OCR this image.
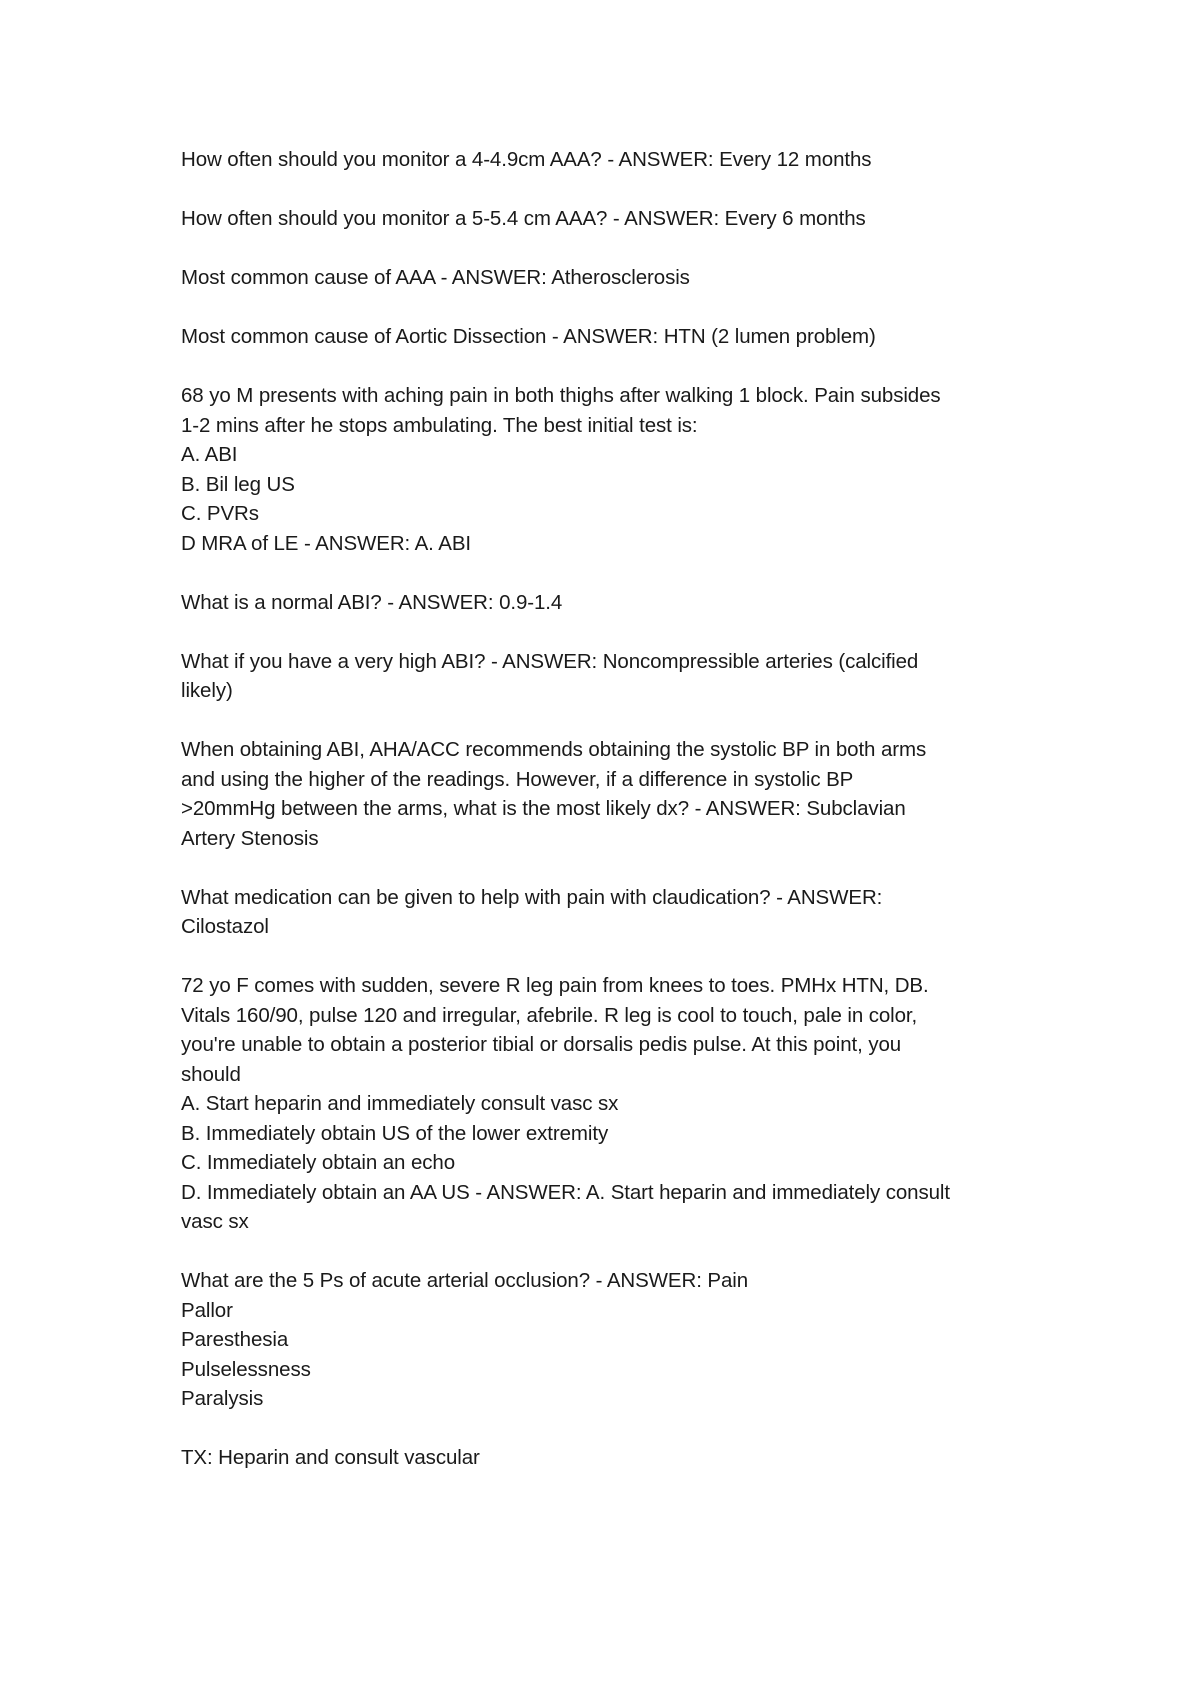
How often should you monitor a 4-4.9cm AAA? - ANSWER: Every 12 months
How often should you monitor a 5-5.4 cm AAA? - ANSWER: Every 6 months
Most common cause of AAA - ANSWER: Atherosclerosis
Most common cause of Aortic Dissection - ANSWER: HTN (2 lumen problem)
68 yo M presents with aching pain in both thighs after walking 1 block. Pain subsides
1-2 mins after he stops ambulating. The best initial test is:
A. ABI
B. Bil leg US
C. PVRs
D MRA of LE - ANSWER: A. ABI
What is a normal ABI? - ANSWER: 0.9-1.4
What if you have a very high ABI? - ANSWER: Noncompressible arteries (calcified
likely)
When obtaining ABI, AHA/ACC recommends obtaining the systolic BP in both arms
and using the higher of the readings. However, if a difference in systolic BP
>20mmHg between the arms, what is the most likely dx? - ANSWER: Subclavian
Artery Stenosis
What medication can be given to help with pain with claudication? - ANSWER:
Cilostazol
72 yo F comes with sudden, severe R leg pain from knees to toes. PMHx HTN, DB.
Vitals 160/90, pulse 120 and irregular, afebrile. R leg is cool to touch, pale in color,
you're unable to obtain a posterior tibial or dorsalis pedis pulse. At this point, you
should
A. Start heparin and immediately consult vasc sx
B. Immediately obtain US of the lower extremity
C. Immediately obtain an echo
D. Immediately obtain an AA US - ANSWER: A. Start heparin and immediately consult
vasc sx
What are the 5 Ps of acute arterial occlusion? - ANSWER: Pain
Pallor
Paresthesia
Pulselessness
Paralysis
TX: Heparin and consult vascular
